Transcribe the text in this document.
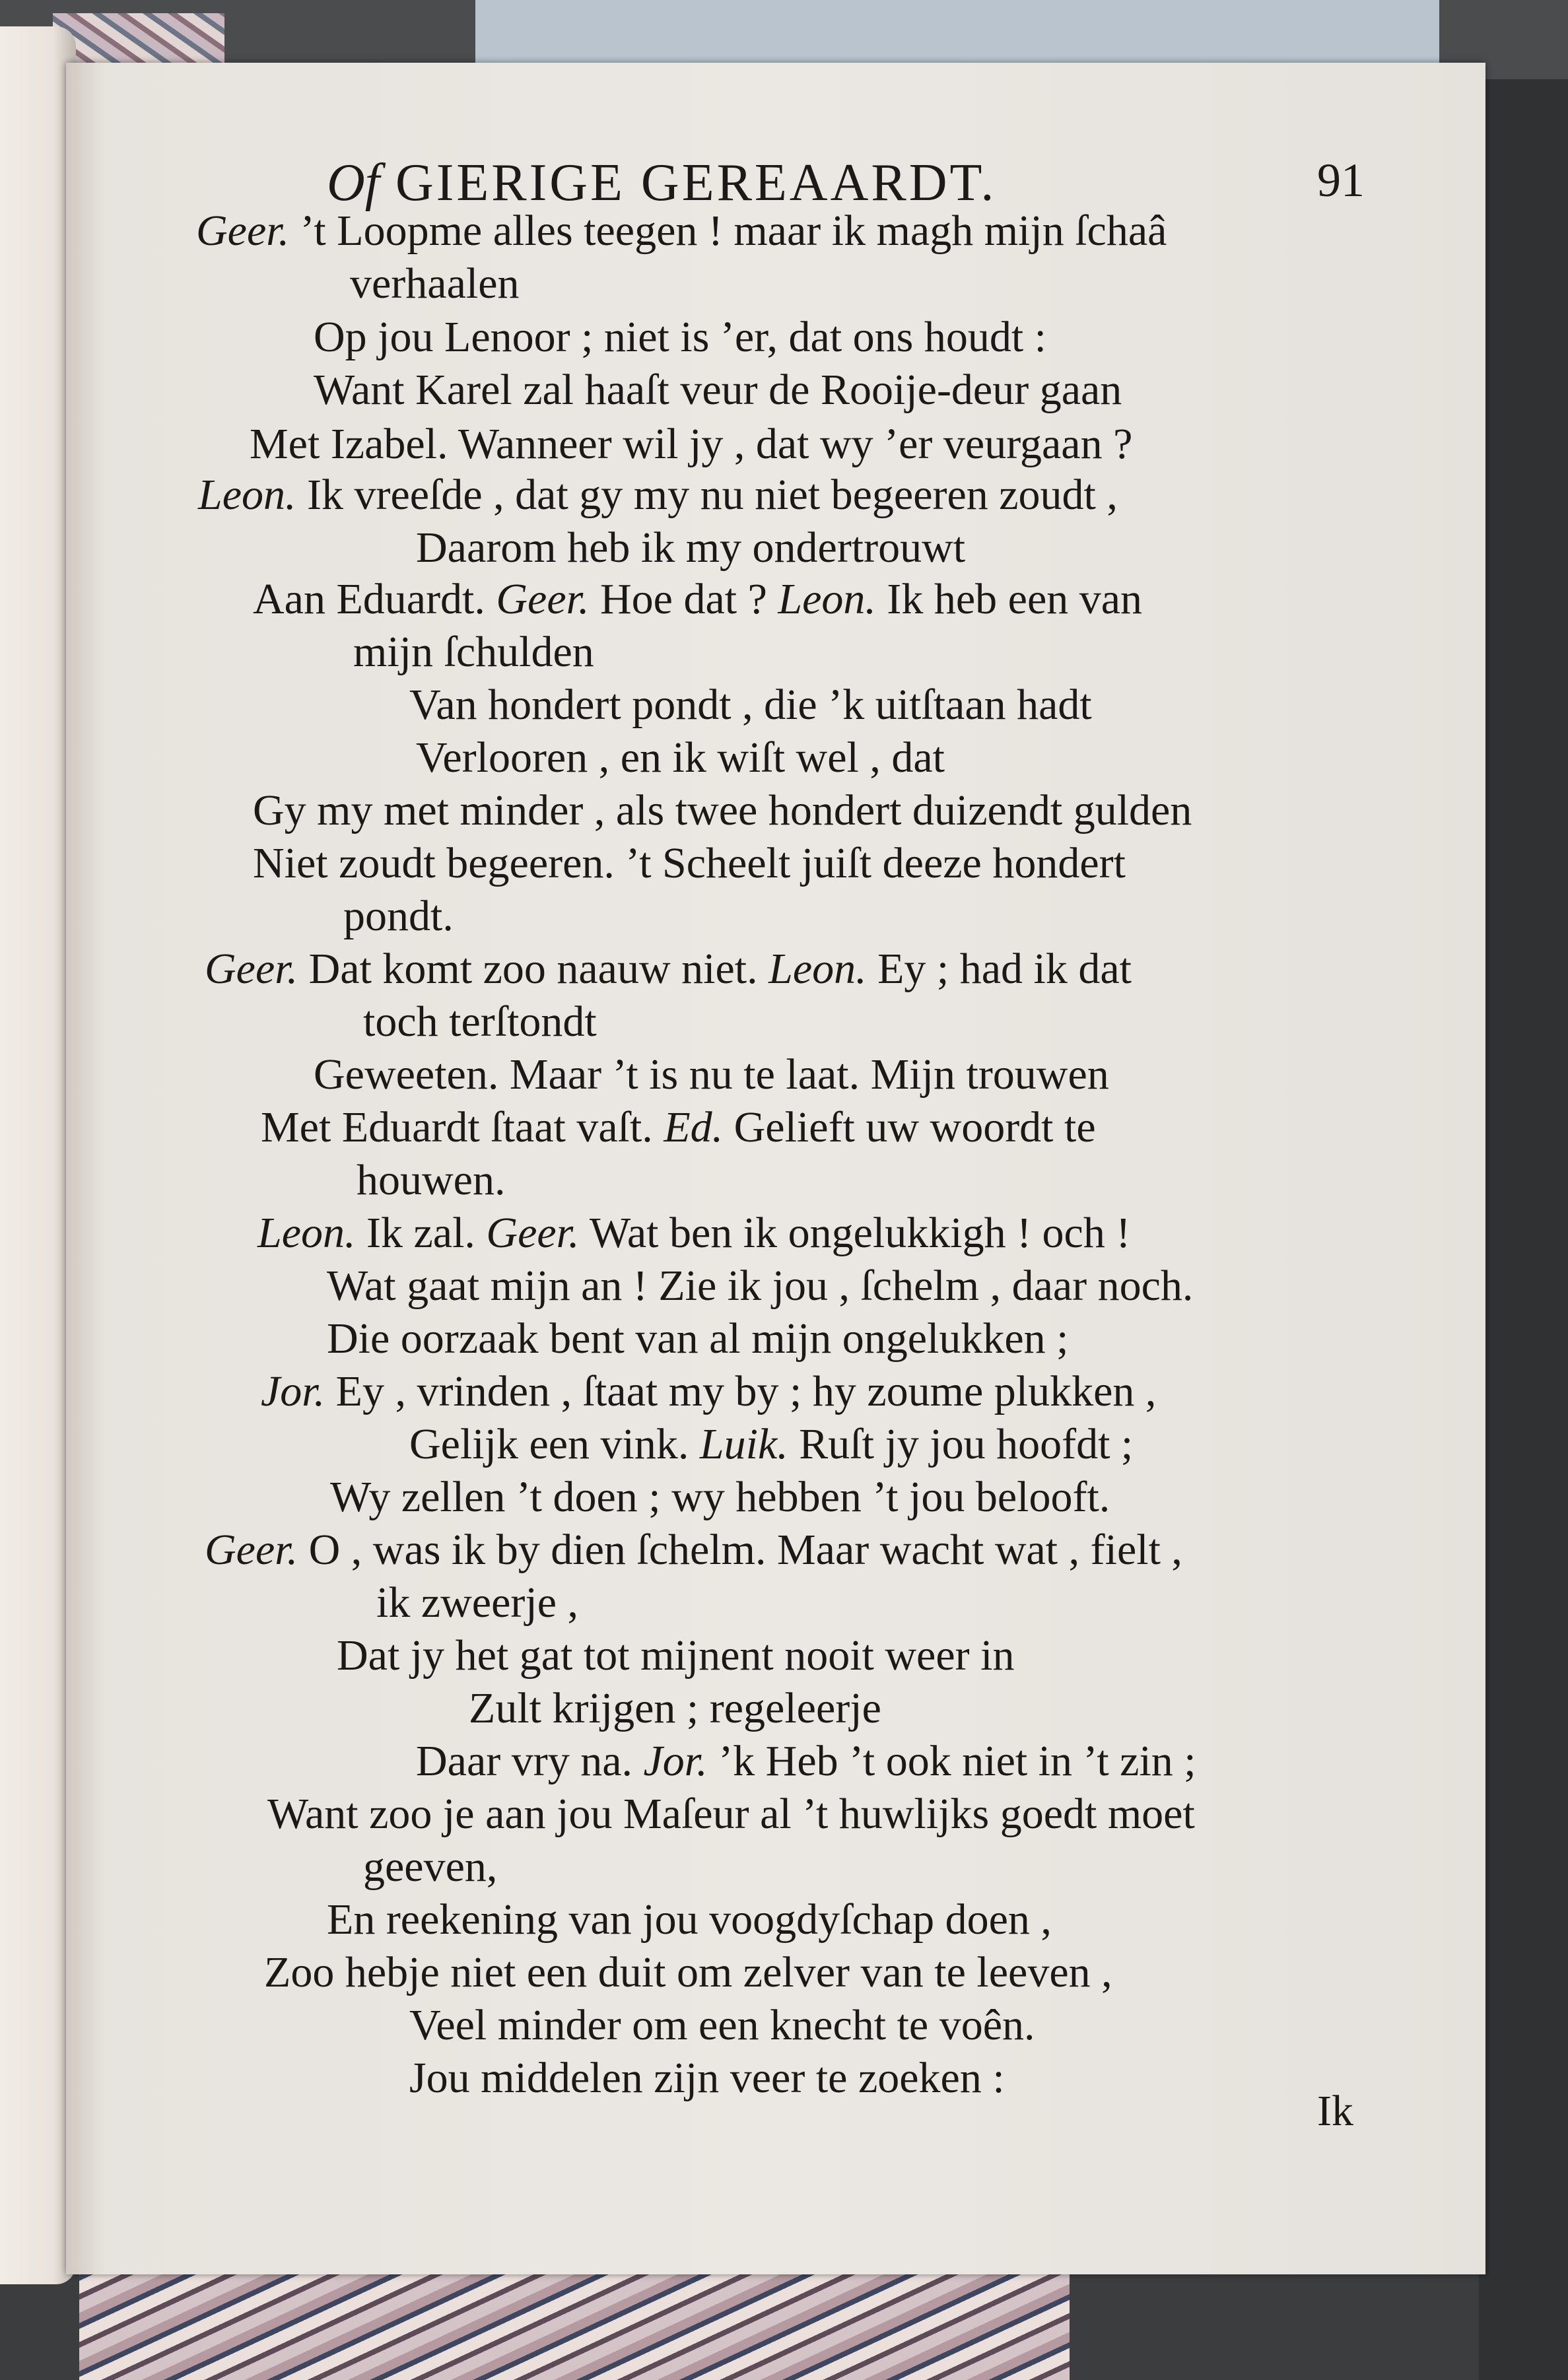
Of GIERIGE GEREAARDT.	91
Geer. ’t Loopme alles teegen ! maar ik magh mijn ſchaâ
verhaalen
Op jou Lenoor ; niet is ’er, dat ons houdt :
Want Karel zal haaſt veur de Rooije-deur gaan
Met Izabel. Wanneer wil jy , dat wy ’er veurgaan ?
Leon. Ik vreeſde , dat gy my nu niet begeeren zoudt ,
Daarom heb ik my ondertrouwt
Aan Eduardt. Geer. Hoe dat ? Leon. Ik heb een van
mijn ſchulden
Van hondert pondt , die ’k uitſtaan hadt
Verlooren , en ik wiſt wel , dat
Gy my met minder , als twee hondert duizendt gulden
Niet zoudt begeeren. ’t Scheelt juiſt deeze hondert
pondt.
Geer. Dat komt zoo naauw niet. Leon. Ey ; had ik dat
toch terſtondt
Geweeten. Maar ’t is nu te laat. Mijn trouwen
Met Eduardt ſtaat vaſt. Ed. Gelieft uw woordt te
houwen.
Leon. Ik zal. Geer. Wat ben ik ongelukkigh ! och !
Wat gaat mijn an ! Zie ik jou , ſchelm , daar noch.
Die oorzaak bent van al mijn ongelukken ;
Jor. Ey , vrinden , ſtaat my by ; hy zoume plukken ,
Gelijk een vink. Luik. Ruſt jy jou hoofdt ;
Wy zellen ’t doen ; wy hebben ’t jou belooft.
Geer. O , was ik by dien ſchelm. Maar wacht wat , fielt ,
ik zweerje ,
Dat jy het gat tot mijnent nooit weer in
Zult krijgen ; regeleerje
Daar vry na. Jor. ’k Heb ’t ook niet in ’t zin ;
Want zoo je aan jou Maſeur al ’t huwlijks goedt moet
geeven,
En reekening van jou voogdyſchap doen ,
Zoo hebje niet een duit om zelver van te leeven ,
Veel minder om een knecht te voên.
Jou middelen zijn veer te zoeken :
Ik
